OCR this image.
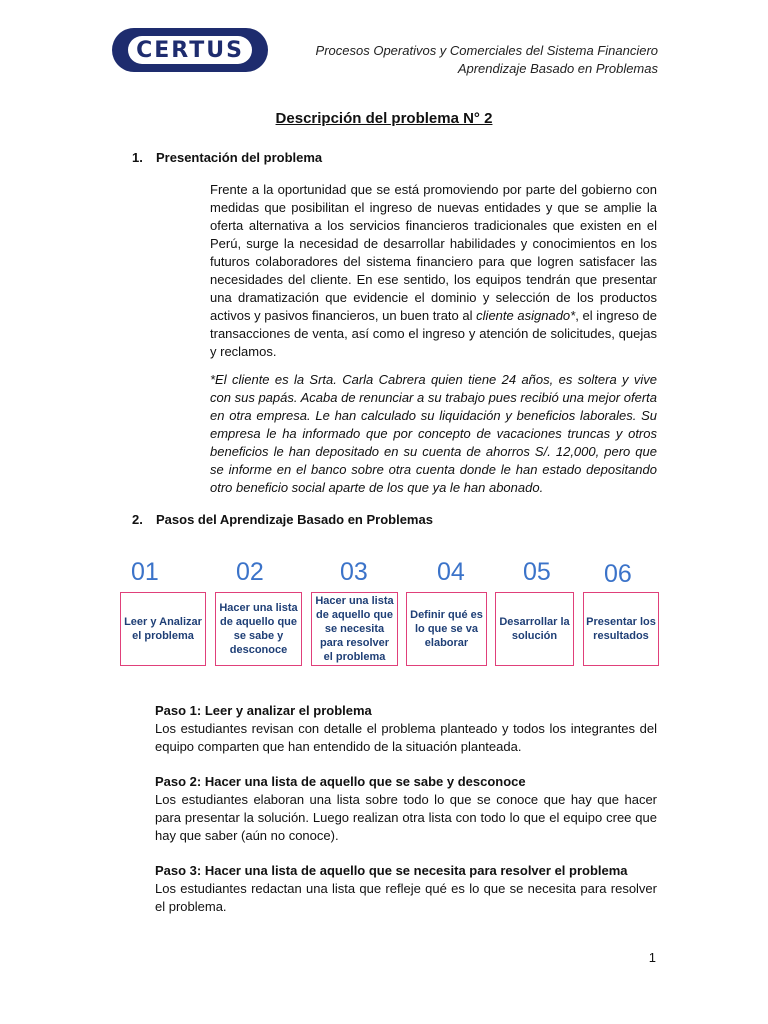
CERTUS	Procesos Operativos y Comerciales del Sistema Financiero
Aprendizaje Basado en Problemas
Descripción del problema N° 2
1. Presentación del problema
Frente a la oportunidad que se está promoviendo por parte del gobierno con medidas que posibilitan el ingreso de nuevas entidades y que se amplie la oferta alternativa a los servicios financieros tradicionales que existen en el Perú, surge la necesidad de desarrollar habilidades y conocimientos en los futuros colaboradores del sistema financiero para que logren satisfacer las necesidades del cliente. En ese sentido, los equipos tendrán que presentar una dramatización que evidencie el dominio y selección de los productos activos y pasivos financieros, un buen trato al cliente asignado*, el ingreso de transacciones de venta, así como el ingreso y atención de solicitudes, quejas y reclamos.
*El cliente es la Srta. Carla Cabrera quien tiene 24 años, es soltera y vive con sus papás. Acaba de renunciar a su trabajo pues recibió una mejor oferta en otra empresa. Le han calculado su liquidación y beneficios laborales. Su empresa le ha informado que por concepto de vacaciones truncas y otros beneficios le han depositado en su cuenta de ahorros S/. 12,000, pero que se informe en el banco sobre otra cuenta donde le han estado depositando otro beneficio social aparte de los que ya le han abonado.
2. Pasos del Aprendizaje Basado en Problemas
01	02	03	04 05 06
Leer y Analizar el problema
Hacer una lista de aquello que se sabe y desconoce
Hacer una lista de aquello que se necesita para resolver el problema
Definir qué es lo que se va elaborar
Desarrollar la solución
Presentar los resultados
Paso 1: Leer y analizar el problema
Los estudiantes revisan con detalle el problema planteado y todos los integrantes del equipo comparten que han entendido de la situación planteada.
Paso 2: Hacer una lista de aquello que se sabe y desconoce
Los estudiantes elaboran una lista sobre todo lo que se conoce que hay que hacer para presentar la solución. Luego realizan otra lista con todo lo que el equipo cree que hay que saber (aún no conoce).
Paso 3: Hacer una lista de aquello que se necesita para resolver el problema
Los estudiantes redactan una lista que refleje qué es lo que se necesita para resolver el problema.
1
